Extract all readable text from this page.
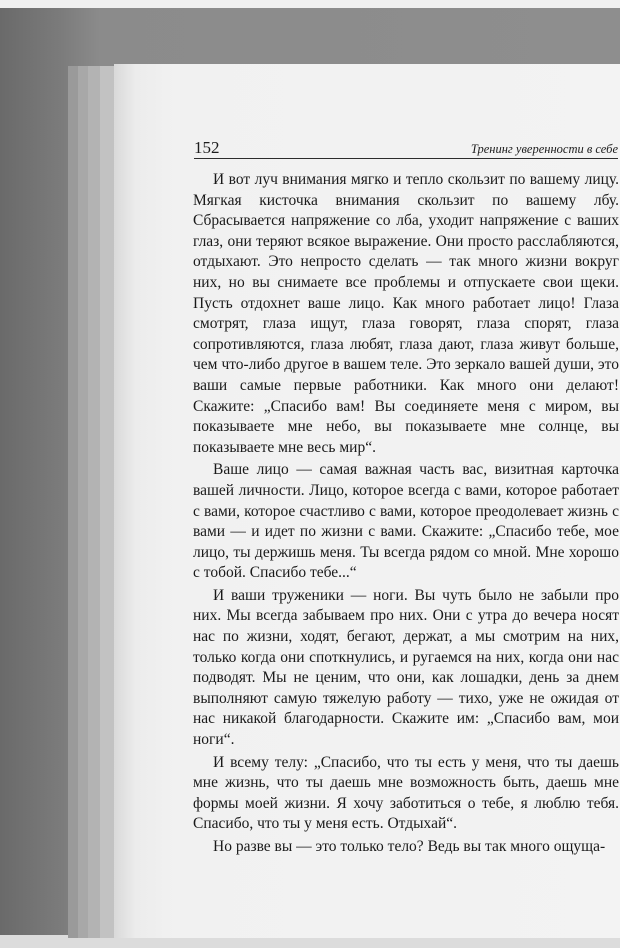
152	Тренинг уверенности в себе

И вот луч внимания мягко и тепло скользит по вашему лицу. Мягкая кисточка внимания скользит по вашему лбу. Сбрасывается напряжение со лба, уходит напряжение с ваших глаз, они теряют всякое выражение. Они просто расслабляются, отдыхают. Это непросто сделать — так много жизни вокруг них, но вы снимаете все проблемы и отпускаете свои щеки. Пусть отдохнет ваше лицо. Как много работает лицо! Глаза смотрят, глаза ищут, глаза говорят, глаза спорят, глаза сопротивляются, глаза любят, глаза дают, глаза живут больше, чем что-либо другое в вашем теле. Это зеркало вашей души, это ваши самые первые работники. Как много они делают! Скажите: „Спасибо вам! Вы соединяете меня с миром, вы показываете мне небо, вы показываете мне солнце, вы показываете мне весь мир“.

Ваше лицо — самая важная часть вас, визитная карточка вашей личности. Лицо, которое всегда с вами, которое работает с вами, которое счастливо с вами, которое преодолевает жизнь с вами — и идет по жизни с вами. Скажите: „Спасибо тебе, мое лицо, ты держишь меня. Ты всегда рядом со мной. Мне хорошо с тобой. Спасибо тебе...“

И ваши труженики — ноги. Вы чуть было не забыли про них. Мы всегда забываем про них. Они с утра до вечера носят нас по жизни, ходят, бегают, держат, а мы смотрим на них, только когда они споткнулись, и ругаемся на них, когда они нас подводят. Мы не ценим, что они, как лошадки, день за днем выполняют самую тяжелую работу — тихо, уже не ожидая от нас никакой благодарности. Скажите им: „Спасибо вам, мои ноги“.

И всему телу: „Спасибо, что ты есть у меня, что ты даешь мне жизнь, что ты даешь мне возможность быть, даешь мне формы моей жизни. Я хочу заботиться о тебе, я люблю тебя. Спасибо, что ты у меня есть. Отдыхай“.

Но разве вы — это только тело? Ведь вы так много ощуща-
